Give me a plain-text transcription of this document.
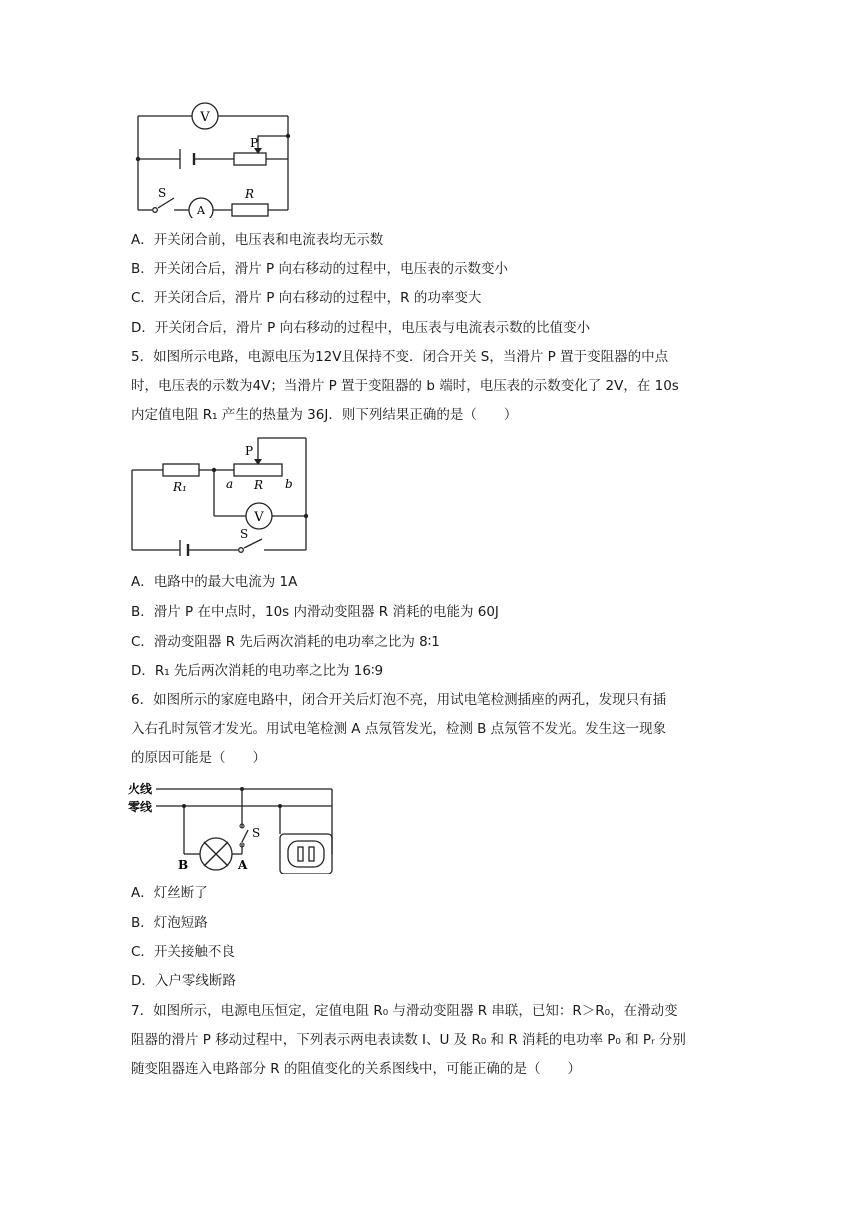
V
P
S
A
R
A．开关闭合前，电压表和电流表均无示数
B．开关闭合后，滑片 P 向右移动的过程中，电压表的示数变小
C．开关闭合后，滑片 P 向右移动的过程中，R 的功率变大
D．开关闭合后，滑片 P 向右移动的过程中，电压表与电流表示数的比值变小
5．如图所示电路，电源电压为12V且保持不变．闭合开关 S，当滑片 P 置于变阻器的中点
时，电压表的示数为4V；当滑片 P 置于变阻器的 b 端时，电压表的示数变化了 2V，在 10s
内定值电阻 R₁ 产生的热量为 36J．则下列结果正确的是（　　）
P
R₁	a R b
V
S
A．电路中的最大电流为 1A
B．滑片 P 在中点时，10s 内滑动变阻器 R 消耗的电能为 60J
C．滑动变阻器 R 先后两次消耗的电功率之比为 8∶1
D．R₁ 先后两次消耗的电功率之比为 16∶9
6．如图所示的家庭电路中，闭合开关后灯泡不亮，用试电笔检测插座的两孔，发现只有插
入右孔时氖管才发光。用试电笔检测 A 点氖管发光，检测 B 点氖管不发光。发生这一现象
的原因可能是（　　）
火线
零线
S
B	A
A．灯丝断了
B．灯泡短路
C．开关接触不良
D．入户零线断路
7．如图所示，电源电压恒定，定值电阻 R₀ 与滑动变阻器 R 串联，已知：R＞R₀，在滑动变
阻器的滑片 P 移动过程中，下列表示两电表读数 I、U 及 R₀ 和 R 消耗的电功率 P₀ 和 Pᵣ 分别
随变阻器连入电路部分 R 的阻值变化的关系图线中，可能正确的是（　　）
